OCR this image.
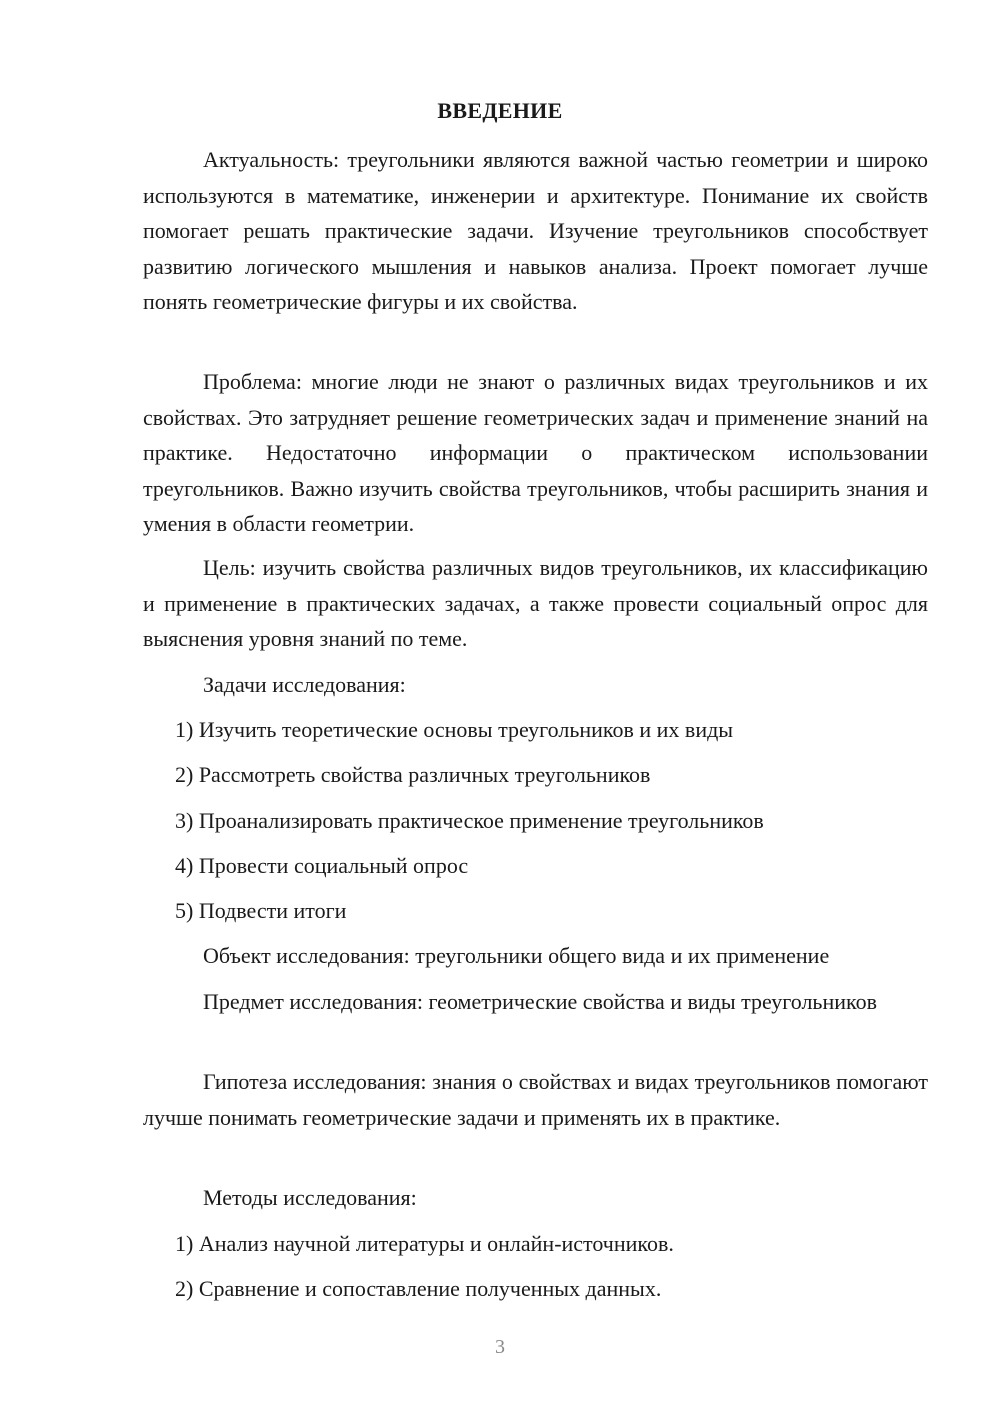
ВВЕДЕНИЕ

Актуальность: треугольники являются важной частью геометрии и широко используются в математике, инженерии и архитектуре. Понимание их свойств помогает решать практические задачи. Изучение треугольников способствует развитию логического мышления и навыков анализа. Проект помогает лучше понять геометрические фигуры и их свойства.

Проблема: многие люди не знают о различных видах треугольников и их свойствах. Это затрудняет решение геометрических задач и применение знаний на практике. Недостаточно информации о практическом использовании треугольников. Важно изучить свойства треугольников, чтобы расширить знания и умения в области геометрии.

Цель: изучить свойства различных видов треугольников, их классификацию и применение в практических задачах, а также провести социальный опрос для выяснения уровня знаний по теме.

Задачи исследования:

1) Изучить теоретические основы треугольников и их виды

2) Рассмотреть свойства различных треугольников

3) Проанализировать практическое применение треугольников

4) Провести социальный опрос

5) Подвести итоги

Объект исследования: треугольники общего вида и их применение

Предмет исследования: геометрические свойства и виды треугольников

Гипотеза исследования: знания о свойствах и видах треугольников помогают лучше понимать геометрические задачи и применять их в практике.

Методы исследования:

1) Анализ научной литературы и онлайн-источников.

2) Сравнение и сопоставление полученных данных.

3
